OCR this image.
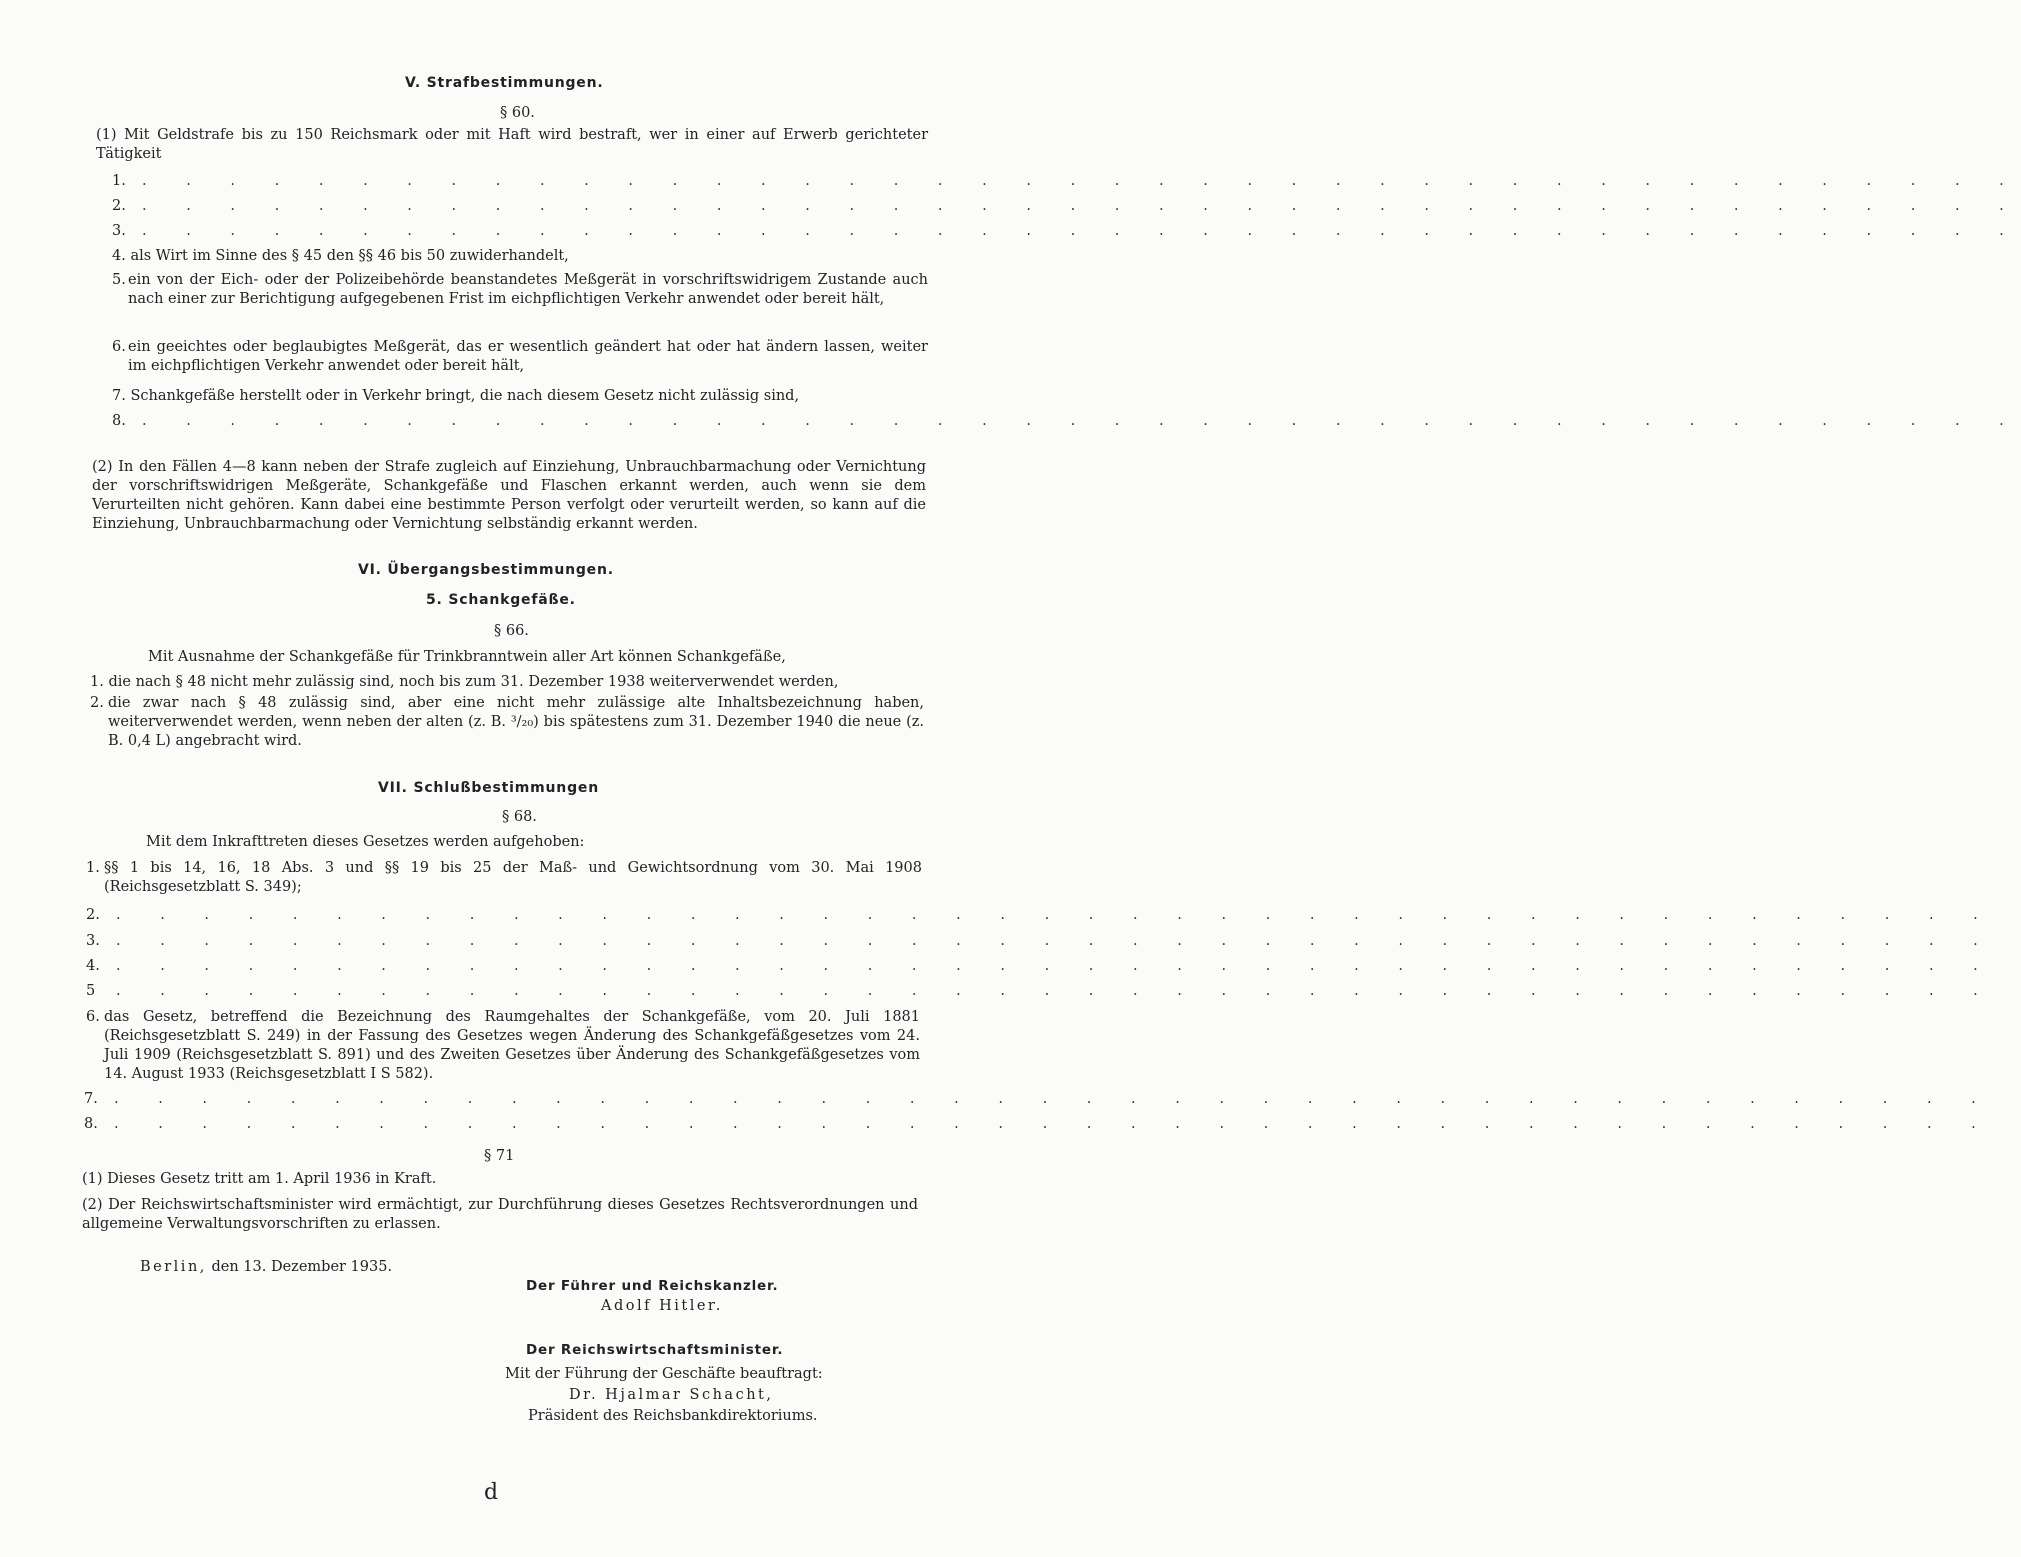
V. Strafbestimmungen.
§ 60.
(1) Mit Geldstrafe bis zu 150 Reichsmark oder mit Haft wird bestraft, wer in einer auf Erwerb gerichteter Tätigkeit
1. . . . . . . . . . . . . . . . . . . . . . . . . . . . . . . . . . . . . . . . . . . .
2. . . . . . . . . . . . . . . . . . . . . . . . . . . . . . . . . . . . . . . . . . . .
3. . . . . . . . . . . . . . . . . . . . . . . . . . . . . . . . . . . . . . . . . . . .
4. als Wirt im Sinne des § 45 den §§ 46 bis 50 zuwiderhandelt,
5. ein von der Eich- oder der Polizeibehörde beanstandetes Meßgerät in vorschriftswidrigem Zustande auch nach einer zur Berichtigung aufgegebenen Frist im eichpflichtigen Verkehr anwendet oder bereit hält,
6. ein geeichtes oder beglaubigtes Meßgerät, das er wesentlich geändert hat oder hat ändern lassen, weiter im eichpflichtigen Verkehr anwendet oder bereit hält,
7. Schankgefäße herstellt oder in Verkehr bringt, die nach diesem Gesetz nicht zulässig sind,
8. . . . . . . . . . . . . . . . . . . . . . . . . . . . . . . . . . . . . . . . . . . .
(2) In den Fällen 4—8 kann neben der Strafe zugleich auf Einziehung, Unbrauchbarmachung oder Vernichtung der vorschriftswidrigen Meßgeräte, Schankgefäße und Flaschen erkannt werden, auch wenn sie dem Verurteilten nicht gehören. Kann dabei eine bestimmte Person verfolgt oder verurteilt werden, so kann auf die Einziehung, Unbrauchbarmachung oder Vernichtung selbständig erkannt werden.
VI. Übergangsbestimmungen.
5. Schankgefäße.
§ 66.
Mit Ausnahme der Schankgefäße für Trinkbranntwein aller Art können Schankgefäße,
1. die nach § 48 nicht mehr zulässig sind, noch bis zum 31. Dezember 1938 weiterverwendet werden,
2. die zwar nach § 48 zulässig sind, aber eine nicht mehr zulässige alte Inhaltsbezeichnung haben, weiterverwendet werden, wenn neben der alten (z. B. ³/₂₀) bis spätestens zum 31. Dezember 1940 die neue (z. B. 0,4 L) angebracht wird.
VII. Schlußbestimmungen
§ 68.
Mit dem Inkrafttreten dieses Gesetzes werden aufgehoben:
1. §§ 1 bis 14, 16, 18 Abs. 3 und §§ 19 bis 25 der Maß- und Gewichtsordnung vom 30. Mai 1908 (Reichsgesetzblatt S. 349);
2. . . . . . . . . . . . . . . . . . . . . . . . . . . . . . . . . . . . . . . . . . . .
3. . . . . . . . . . . . . . . . . . . . . . . . . . . . . . . . . . . . . . . . . . . .
4. . . . . . . . . . . . . . . . . . . . . . . . . . . . . . . . . . . . . . . . . . . .
5 . . . . . . . . . . . . . . . . . . . . . . . . . . . . . . . . . . . . . . . . . . .
6. das Gesetz, betreffend die Bezeichnung des Raumgehaltes der Schankgefäße, vom 20. Juli 1881 (Reichsgesetzblatt S. 249) in der Fassung des Gesetzes wegen Änderung des Schankgefäßgesetzes vom 24. Juli 1909 (Reichsgesetzblatt S. 891) und des Zweiten Gesetzes über Änderung des Schankgefäßgesetzes vom 14. August 1933 (Reichsgesetzblatt I S 582).
7. . . . . . . . . . . . . . . . . . . . . . . . . . . . . . . . . . . . . . . . . . . .
8. . . . . . . . . . . . . . . . . . . . . . . . . . . . . . . . . . . . . . . . . . . .
§ 71
(1) Dieses Gesetz tritt am 1. April 1936 in Kraft.
(2) Der Reichswirtschaftsminister wird ermächtigt, zur Durchführung dieses Gesetzes Rechtsverordnungen und allgemeine Verwaltungsvorschriften zu erlassen.
Berlin, den 13. Dezember 1935.
Der Führer und Reichskanzler.
Adolf Hitler.
Der Reichswirtschaftsminister.
Mit der Führung der Geschäfte beauftragt:
Dr. Hjalmar Schacht,
Präsident des Reichsbankdirektoriums.
d
